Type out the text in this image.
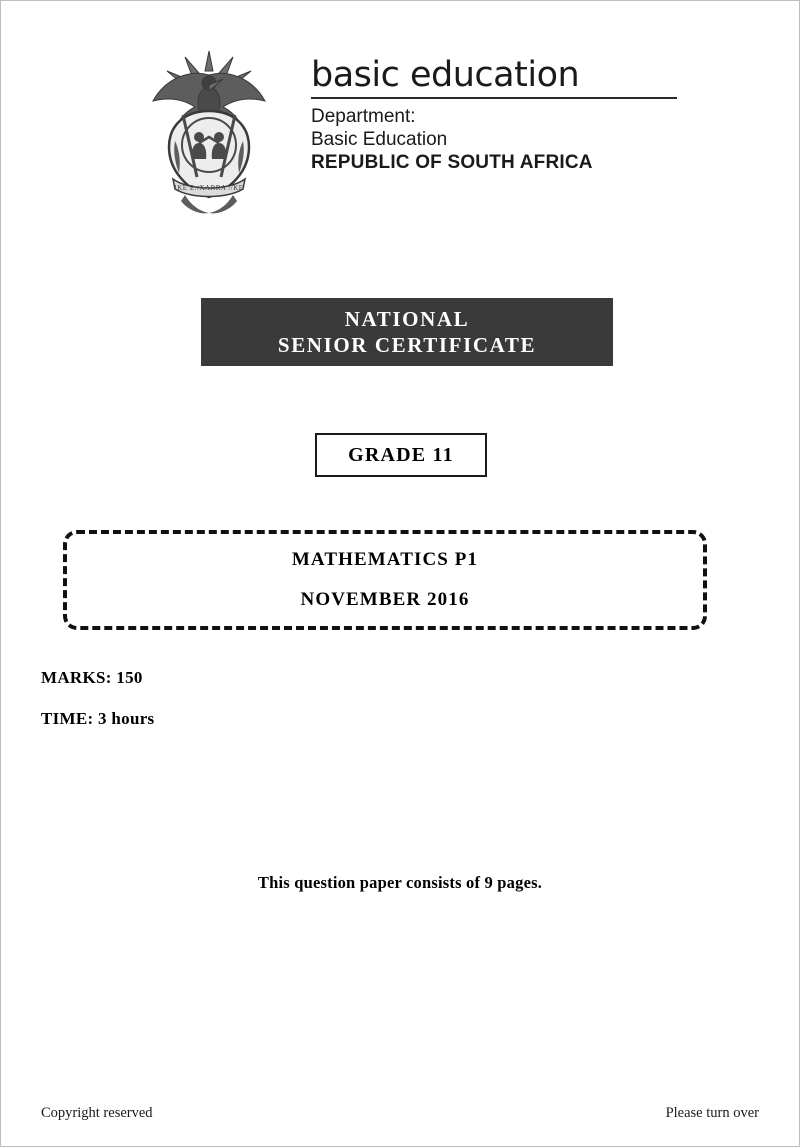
!KE E:/XARRA //KE
basic education
Department:
Basic Education
REPUBLIC OF SOUTH AFRICA
NATIONAL
SENIOR CERTIFICATE
GRADE 11
MATHEMATICS P1
NOVEMBER 2016
MARKS: 150
TIME: 3 hours
This question paper consists of 9 pages.
Copyright reserved	Please turn over
